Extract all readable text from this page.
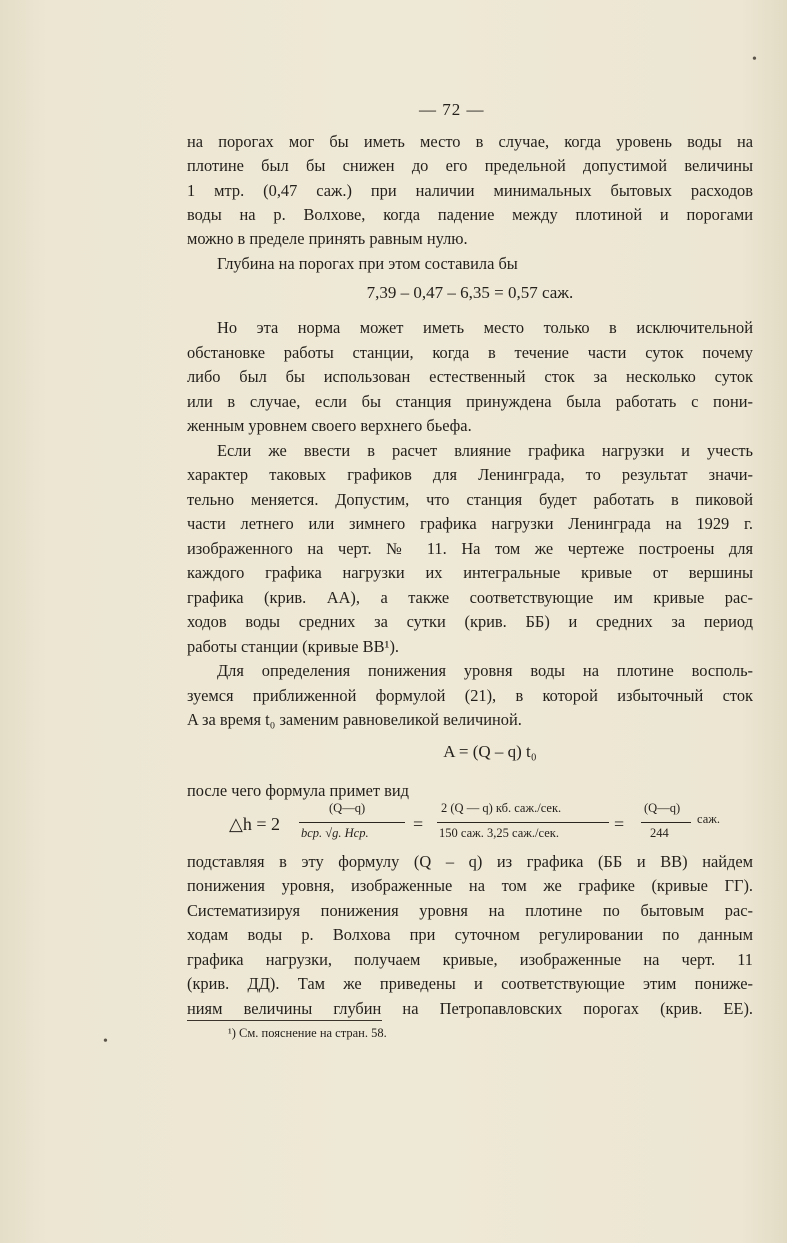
•
•
— 72 —
на порогах мог бы иметь место в случае, когда уровень воды на
плотине был бы снижен до его предельной допустимой величины
1 мтр. (0,47 саж.) при наличии минимальных бытовых расходов
воды на р. Волхове, когда падение между плотиной и порогами
можно в пределе принять равным нулю.
Глубина на порогах при этом составила бы
7,39 – 0,47 – 6,35 = 0,57 саж.
Но эта норма может иметь место только в исключительной
обстановке работы станции, когда в течение части суток почему
либо был бы использован естественный сток за несколько суток
или в случае, если бы станция принуждена была работать с пони-
женным уровнем своего верхнего бьефа.
Если же ввести в расчет влияние графика нагрузки и учесть
характер таковых графиков для Ленинграда, то результат значи-
тельно меняется. Допустим, что станция будет работать в пиковой
части летнего или зимнего графика нагрузки Ленинграда на 1929 г.
изображенного на черт. № 11. На том же чертеже построены для
каждого графика нагрузки их интегральные кривые от вершины
графика (крив. AA), а также соответствующие им кривые рас-
ходов воды средних за сутки (крив. ББ) и средних за период
работы станции (кривые ВВ¹).
Для определения понижения уровня воды на плотине восполь-
зуемся приближенной формулой (21), в которой избыточный сток
A за время t₀ заменим равновеликой величиной.
A = (Q – q) t₀
после чего формула примет вид
△h = 2
(Q—q)
bср. √g. Hср. =
2 (Q — q) кб. саж./сек.
150 саж. 3,25 саж./сек.	=
(Q—q)
244
саж.
подставляя в эту формулу (Q – q) из графика (ББ и ВВ) найдем
понижения уровня, изображенные на том же графике (кривые ГГ).
Систематизируя понижения уровня на плотине по бытовым рас-
ходам воды р. Волхова при суточном регулировании по данным
графика нагрузки, получаем кривые, изображенные на черт. 11
(крив. ДД). Там же приведены и соответствующие этим пониже-
ниям величины глубин на Петропавловских порогах (крив. ЕЕ).
¹) См. пояснение на стран. 58.
